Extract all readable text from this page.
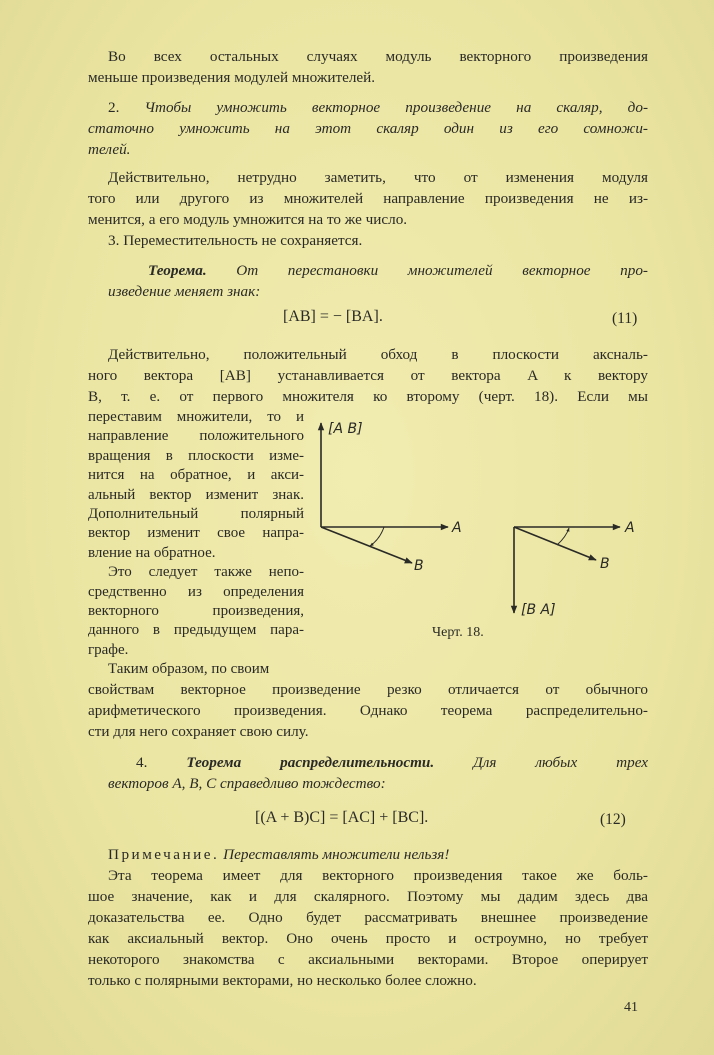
Во всех остальных случаях модуль векторного произведения
меньше произведения модулей множителей.
2. Чтобы умножить векторное произведение на скаляр, до-
статочно умножить на этот скаляр один из его сомножи-
телей.
Действительно, нетрудно заметить, что от изменения модуля
того или другого из множителей направление произведения не из-
менится, а его модуль умножится на то же число.
3. Переместительность не сохраняется.
Теорема. От перестановки множителей векторное про-
изведение меняет знак:
[AB] = − [BA].	(11)
Действительно, положительный обход в плоскости аксналь-
ного вектора [AB] устанавливается от вектора A к вектору
B, т. е. от первого множителя ко второму (черт. 18). Если мы
переставим множители, то и
направление положительного
вращения в плоскости изме-
нится на обратное, и акси-
альный вектор изменит знак.
Дополнительный полярный
вектор изменит свое напра-
вление на обратное.
Это следует также непо-
средственно из определения
векторного произведения,
данного в предыдущем пара-
графе.
Таким образом, по своим
[A B]
A
B
[B A]
A
B
Черт. 18.
свойствам векторное произведение резко отличается от обычного
арифметического произведения. Однако теорема распределительно-
сти для него сохраняет свою силу.
4.	Теорема распределительности.	Для любых трех
векторов A, B, C справедливо тождество:
[(A + B)C] = [AC] + [BC].	(12)
Примечание. Переставлять множители нельзя!
Эта теорема имеет для векторного произведения такое же боль-
шое значение, как и для скалярного. Поэтому мы дадим здесь два
доказательства ее. Одно будет рассматривать внешнее произведение
как аксиальный вектор. Оно очень просто и остроумно, но требует
некоторого знакомства с аксиальными векторами. Второе оперирует
только с полярными векторами, но несколько более сложно.
41
